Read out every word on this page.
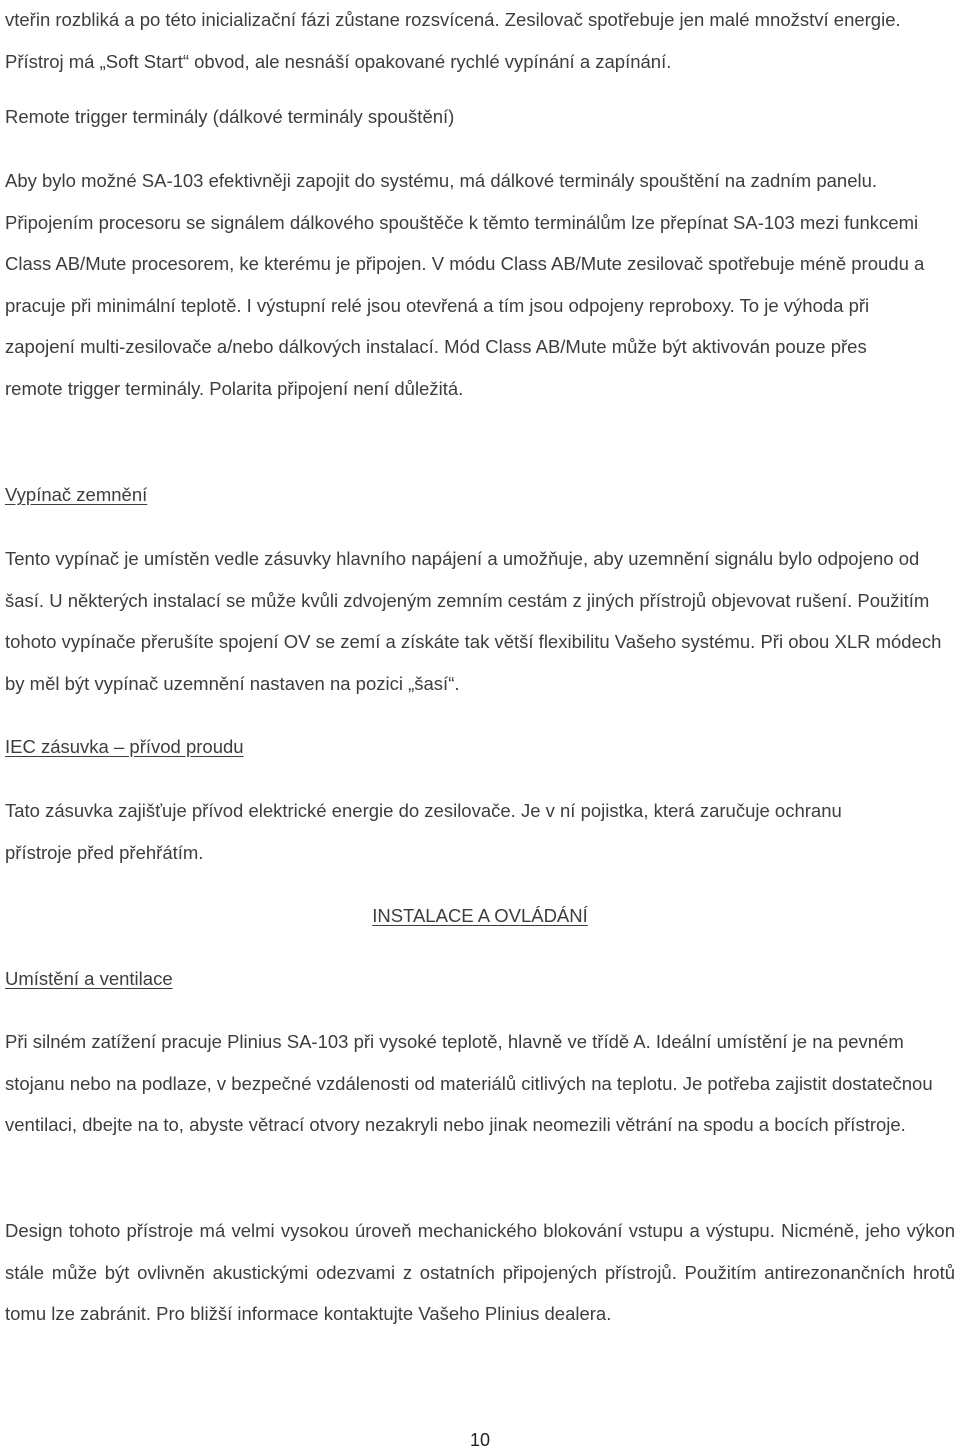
vteřin rozbliká a po této inicializační fázi zůstane rozsvícená. Zesilovač spotřebuje jen malé množství energie. Přístroj má „Soft Start“ obvod, ale nesnáší opakované rychlé vypínání a zapínání.

Remote trigger terminály (dálkové terminály spouštění)

Aby bylo možné SA-103 efektivněji zapojit do systému, má dálkové terminály spouštění na zadním panelu. Připojením procesoru se signálem dálkového spouštěče k těmto terminálům lze přepínat SA-103 mezi funkcemi Class AB/Mute procesorem, ke kterému je připojen. V módu Class AB/Mute zesilovač spotřebuje méně proudu a pracuje při minimální teplotě. I výstupní relé jsou otevřená a tím jsou odpojeny reproboxy. To je výhoda při zapojení multi-zesilovače a/nebo dálkových instalací. Mód Class AB/Mute může být aktivován pouze přes remote trigger terminály. Polarita připojení není důležitá.

Vypínač zemnění

Tento vypínač je umístěn vedle zásuvky hlavního napájení a umožňuje, aby uzemnění signálu bylo odpojeno od šasí. U některých instalací se může kvůli zdvojeným zemním cestám z jiných přístrojů objevovat rušení. Použitím tohoto vypínače přerušíte spojení OV se zemí a získáte tak větší flexibilitu Vašeho systému. Při obou XLR módech by měl být vypínač uzemnění nastaven na pozici „šasí“.

IEC zásuvka – přívod proudu

Tato zásuvka zajišťuje přívod elektrické energie do zesilovače. Je v ní pojistka, která zaručuje ochranu přístroje před přehřátím.

INSTALACE A OVLÁDÁNÍ

Umístění a ventilace

Při silném zatížení pracuje Plinius SA-103 při vysoké teplotě, hlavně ve třídě A. Ideální umístění je na pevném stojanu nebo na podlaze, v bezpečné vzdálenosti od materiálů citlivých na teplotu. Je potřeba zajistit dostatečnou ventilaci, dbejte na to, abyste větrací otvory nezakryli nebo jinak neomezili větrání na spodu a bocích přístroje.

Design tohoto přístroje má velmi vysokou úroveň mechanického blokování vstupu a výstupu. Nicméně, jeho výkon stále může být ovlivněn akustickými odezvami z ostatních připojených přístrojů. Použitím antirezonančních hrotů tomu lze zabránit. Pro bližší informace kontaktujte Vašeho Plinius dealera.

10
